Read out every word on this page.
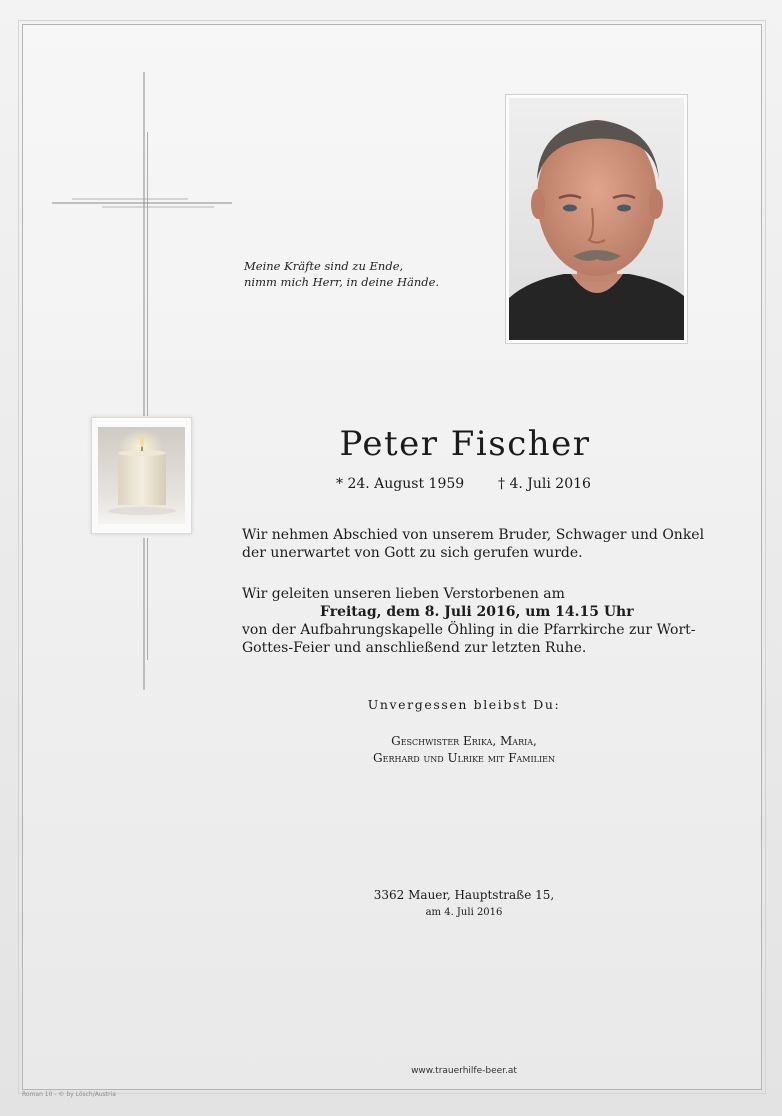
Meine Kräfte sind zu Ende,
nimm mich Herr, in deine Hände.
Peter Fischer
* 24. August 1959 † 4. Juli 2016
Wir nehmen Abschied von unserem Bruder, Schwager und Onkel
der unerwartet von Gott zu sich gerufen wurde.
Wir geleiten unseren lieben Verstorbenen am
Freitag, dem 8. Juli 2016, um 14.15 Uhr
von der Aufbahrungskapelle Öhling in die Pfarrkirche zur Wort-
Gottes-Feier und anschließend zur letzten Ruhe.
Unvergessen bleibst Du:
Geschwister Erika, Maria,
Gerhard und Ulrike mit Familien
3362 Mauer, Hauptstraße 15,
am 4. Juli 2016
www.trauerhilfe-beer.at
Roman 10 - © by Lösch/Austria
